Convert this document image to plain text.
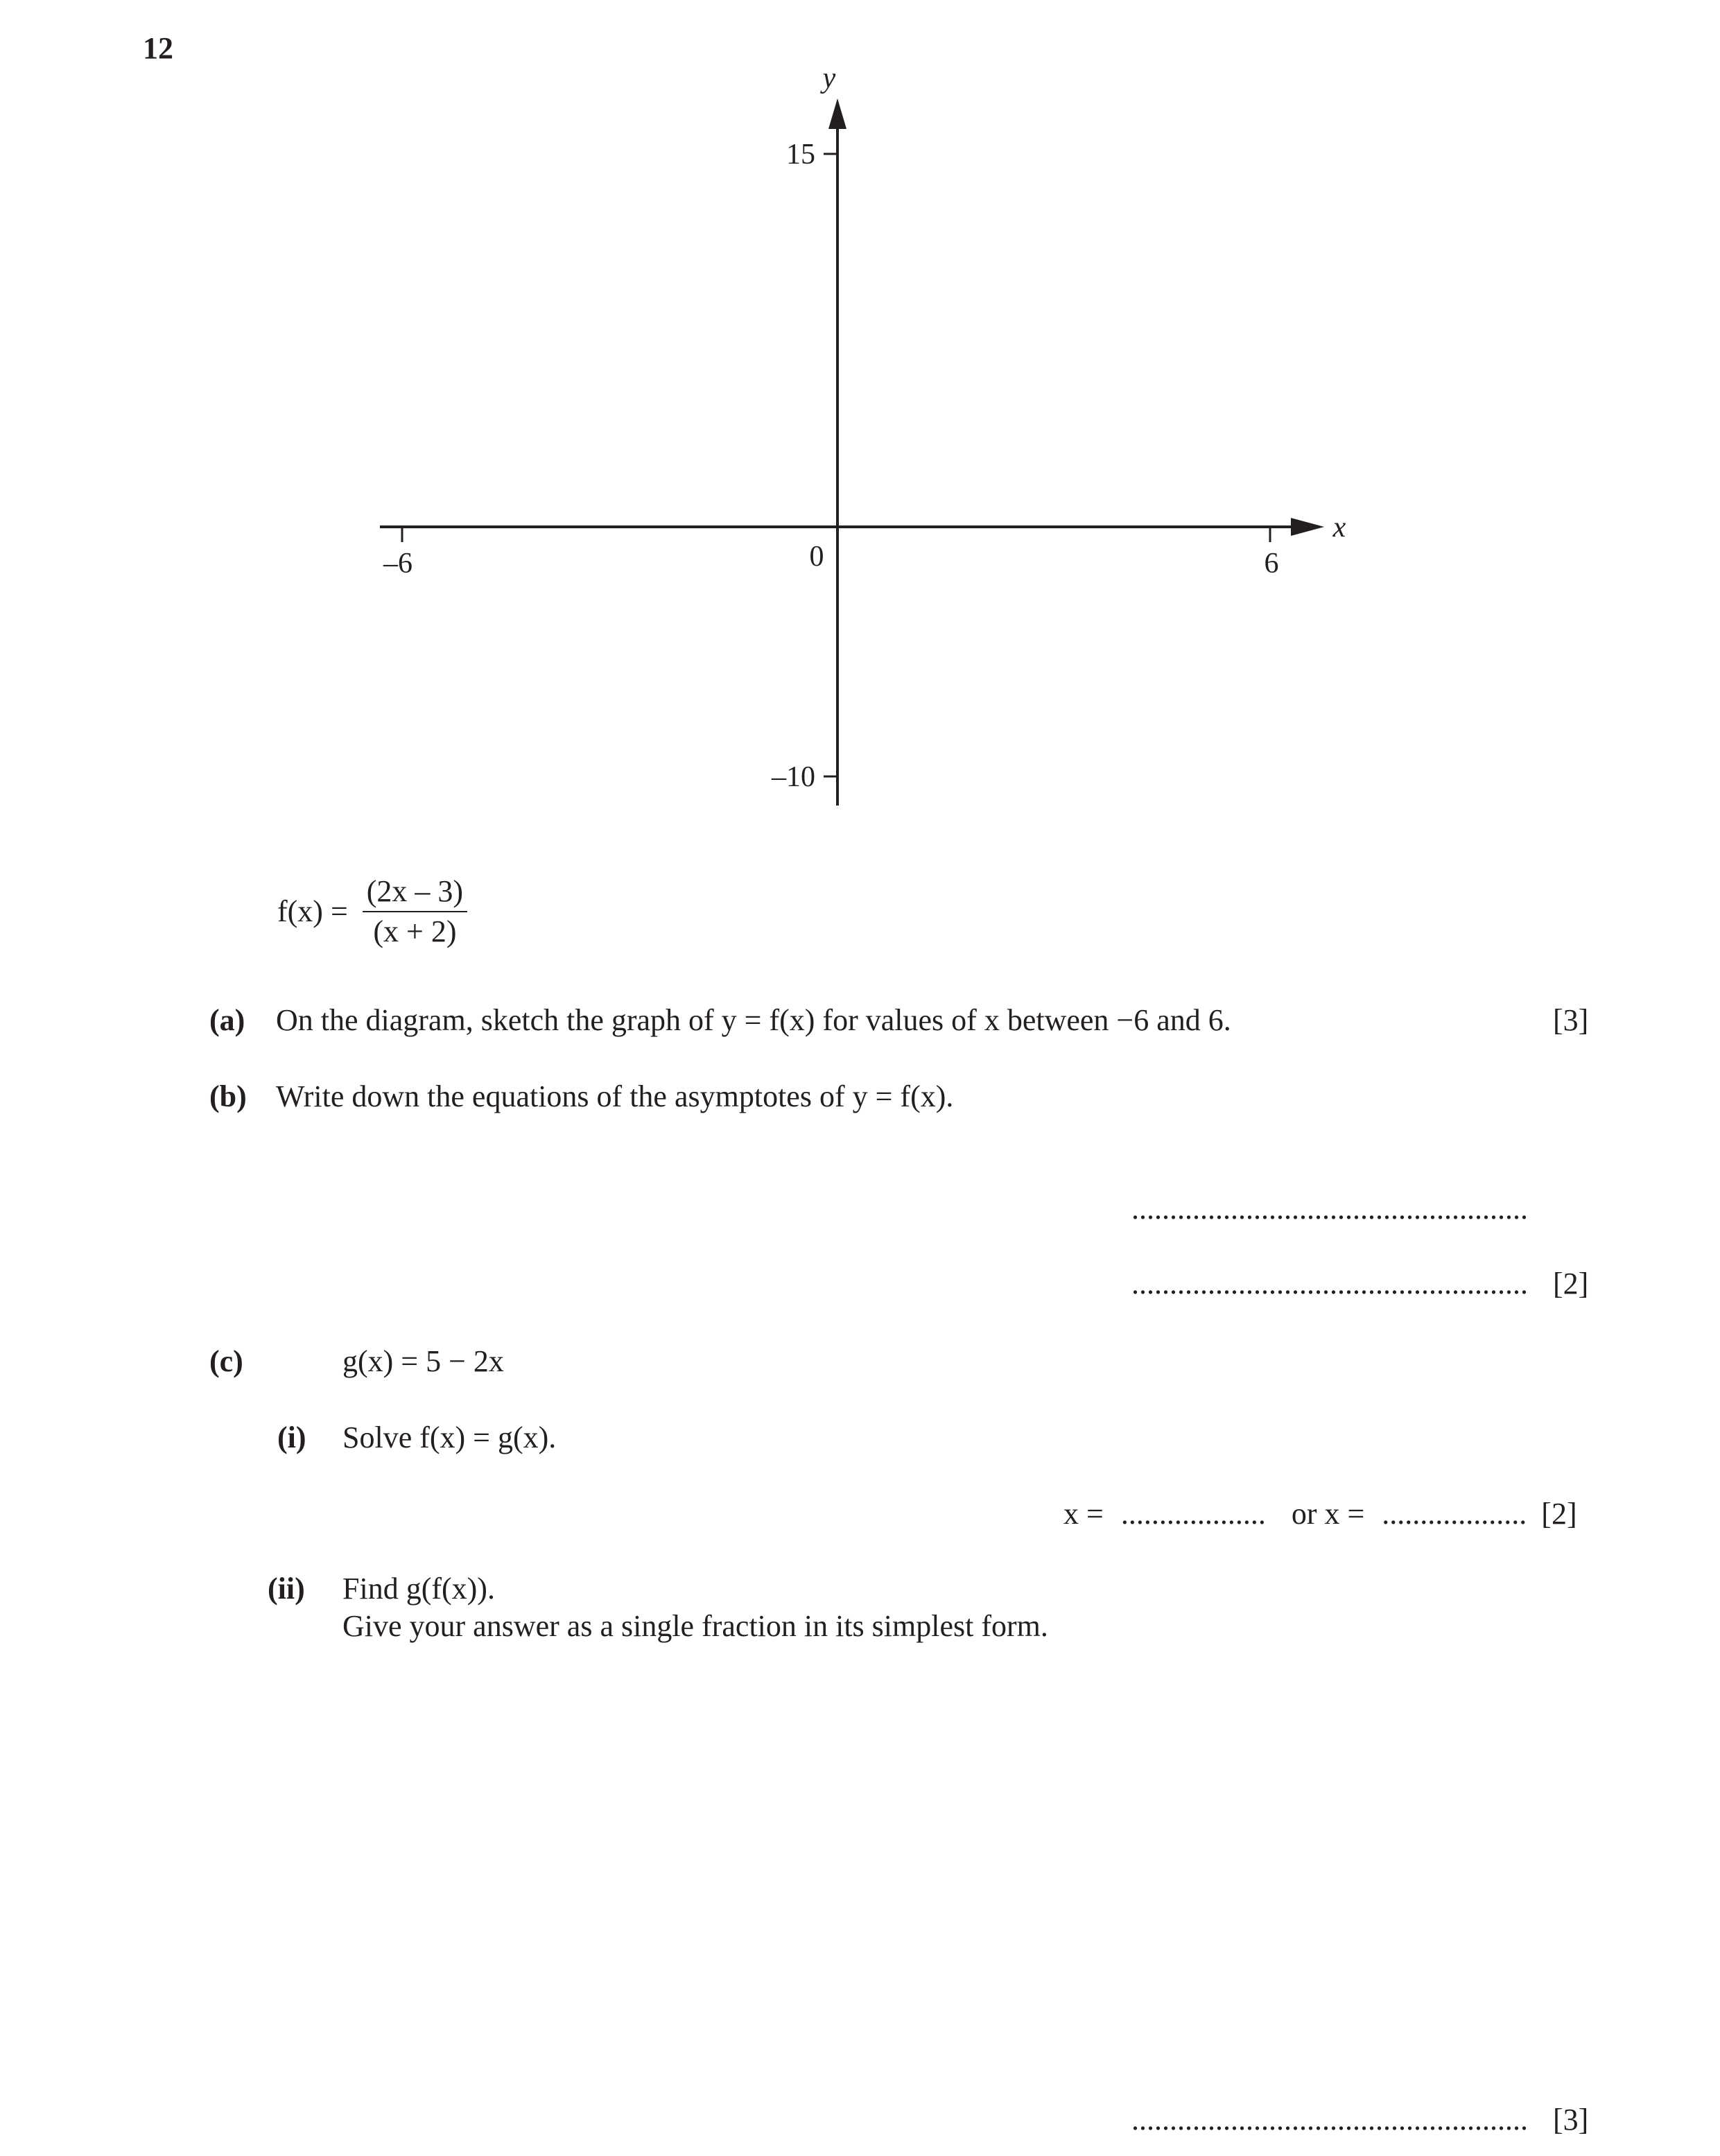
12
y
x
15
–10
–6	6
0
$f(x) = \frac{(2x - 3)}{(x + 2)}$
(a) On the diagram, sketch the graph of y = f(x) for values of x between −6 and 6.	[3]
(b) Write down the equations of the asymptotes of y = f(x).
....................................................
.................................................... [2]
(c)	g(x) = 5 − 2x
(i) Solve f(x) = g(x).
x = ................... or x = ................... [2]
(ii) Find g(f(x)).
Give your answer as a single fraction in its simplest form.
.................................................... [3]
